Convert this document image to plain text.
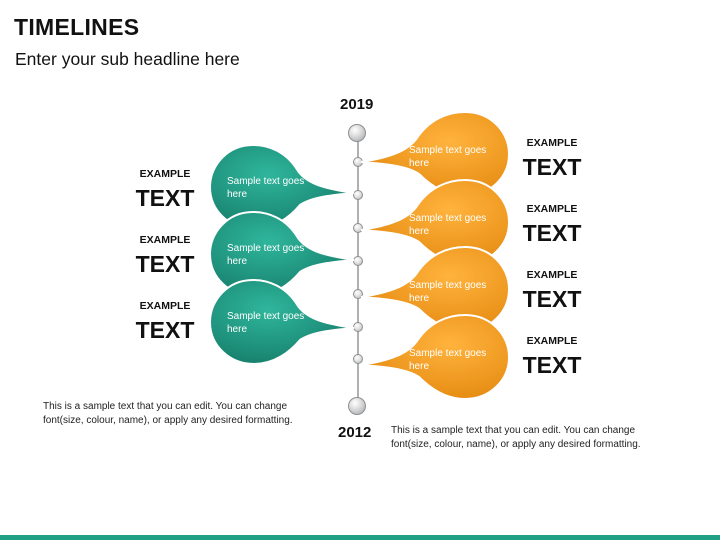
TIMELINES
Enter your sub headline here
2019
2012
Sample text goes here
Sample text goes here
Sample text goes here
Sample text goes here
Sample text goes here
Sample text goes here
Sample text goes here
EXAMPLE
TEXT
EXAMPLE
TEXT
EXAMPLE
TEXT
EXAMPLE
TEXT
EXAMPLE
TEXT
EXAMPLE
TEXT
EXAMPLE
TEXT
This is a sample text that you can edit. You can change font(size, colour, name), or apply any desired formatting.
This is a sample text that you can edit. You can change font(size, colour, name), or apply any desired formatting.
